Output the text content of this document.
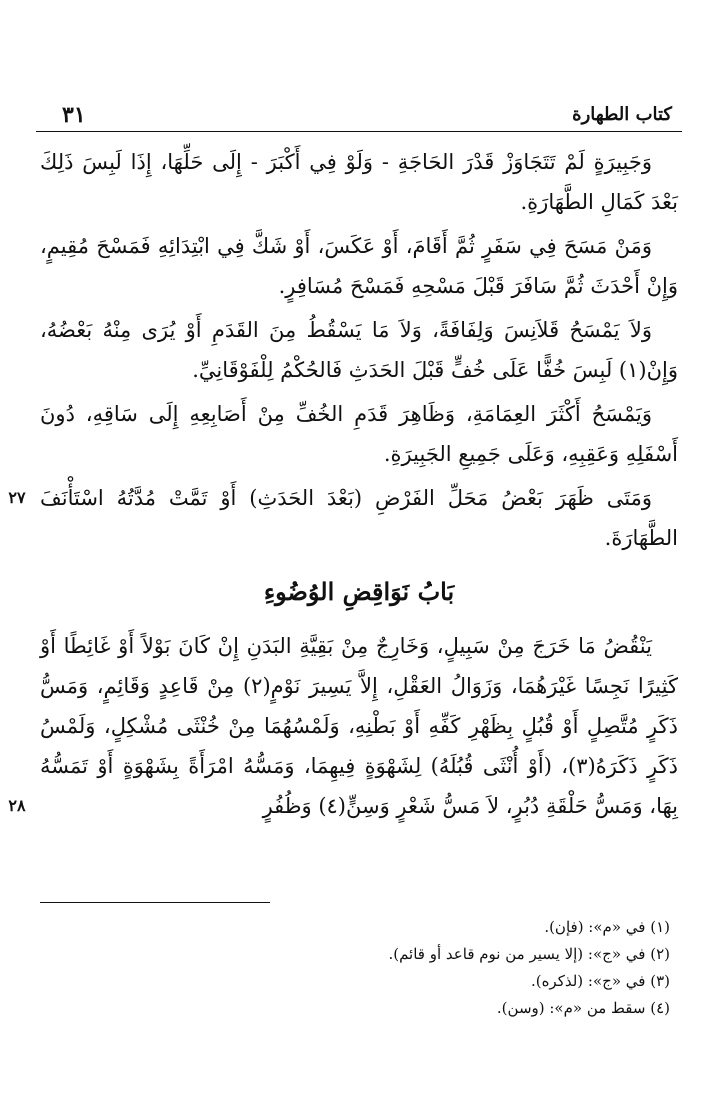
كتاب الطهارة
٣١

وَجَبِيرَةٍ لَمْ تَتَجَاوَزْ قَدْرَ الحَاجَةِ - وَلَوْ فِي أَكْبَرَ - إِلَى حَلِّهَا، إِذَا لَبِسَ ذَلِكَ بَعْدَ كَمَالِ الطَّهَارَةِ.

وَمَنْ مَسَحَ فِي سَفَرٍ ثُمَّ أَقَامَ، أَوْ عَكَسَ، أَوْ شَكَّ فِي ابْتِدَائِهِ فَمَسْحَ مُقِيمٍ، وَإِنْ أَحْدَثَ ثُمَّ سَافَرَ قَبْلَ مَسْحِهِ فَمَسْحَ مُسَافِرٍ.

وَلاَ يَمْسَحُ قَلاَنِسَ وَلِفَافَةً، وَلاَ مَا يَسْقُطُ مِنَ القَدَمِ أَوْ يُرَى مِنْهُ بَعْضُهُ، وَإِنْ(١) لَبِسَ خُفًّا عَلَى خُفٍّ قَبْلَ الحَدَثِ فَالحُكْمُ لِلْفَوْقَانِيِّ.

وَيَمْسَحُ أَكْثَرَ العِمَامَةِ، وَظَاهِرَ قَدَمِ الخُفِّ مِنْ أَصَابِعِهِ إِلَى سَاقِهِ، دُونَ أَسْفَلِهِ وَعَقِبِهِ، وَعَلَى جَمِيعِ الجَبِيرَةِ.

٢٧ وَمَتَى ظَهَرَ بَعْضُ مَحَلِّ الفَرْضِ (بَعْدَ الحَدَثِ) أَوْ تَمَّتْ مُدَّتُهُ اسْتَأْنَفَ الطَّهَارَةَ.
بَابُ نَوَاقِضِ الوُضُوءِ
٢٨
يَنْقُضُ مَا خَرَجَ مِنْ سَبِيلٍ، وَخَارِجٌ مِنْ بَقِيَّةِ البَدَنِ إِنْ كَانَ بَوْلاً أَوْ غَائِطًا أَوْ كَثِيرًا نَجِسًا غَيْرَهُمَا، وَزَوَالُ العَقْلِ، إِلاَّ يَسِيرَ نَوْمٍ(٢) مِنْ قَاعِدٍ وَقَائِمٍ، وَمَسُّ ذَكَرٍ مُتَّصِلٍ أَوْ قُبُلٍ بِظَهْرِ كَفِّهِ أَوْ بَطْنِهِ، وَلَمْسُهُمَا مِنْ خُنْثَى مُشْكِلٍ، وَلَمْسُ ذَكَرٍ ذَكَرَهُ(٣)، (أَوْ أُنْثَى قُبُلَهُ) لِشَهْوَةٍ فِيهِمَا، وَمَسُّهُ امْرَأَةً بِشَهْوَةٍ أَوْ تَمَسُّهُ بِهَا، وَمَسُّ حَلْقَةِ دُبُرٍ، لاَ مَسُّ شَعْرٍ وَسِنٍّ(٤) وَظُفُرٍ

(١) في «م»: (فإن).

(٢) في «ج»: (إلا يسير من نوم قاعد أو قائم).

(٣) في «ج»: (لذكره).

(٤) سقط من «م»: (وسن).
